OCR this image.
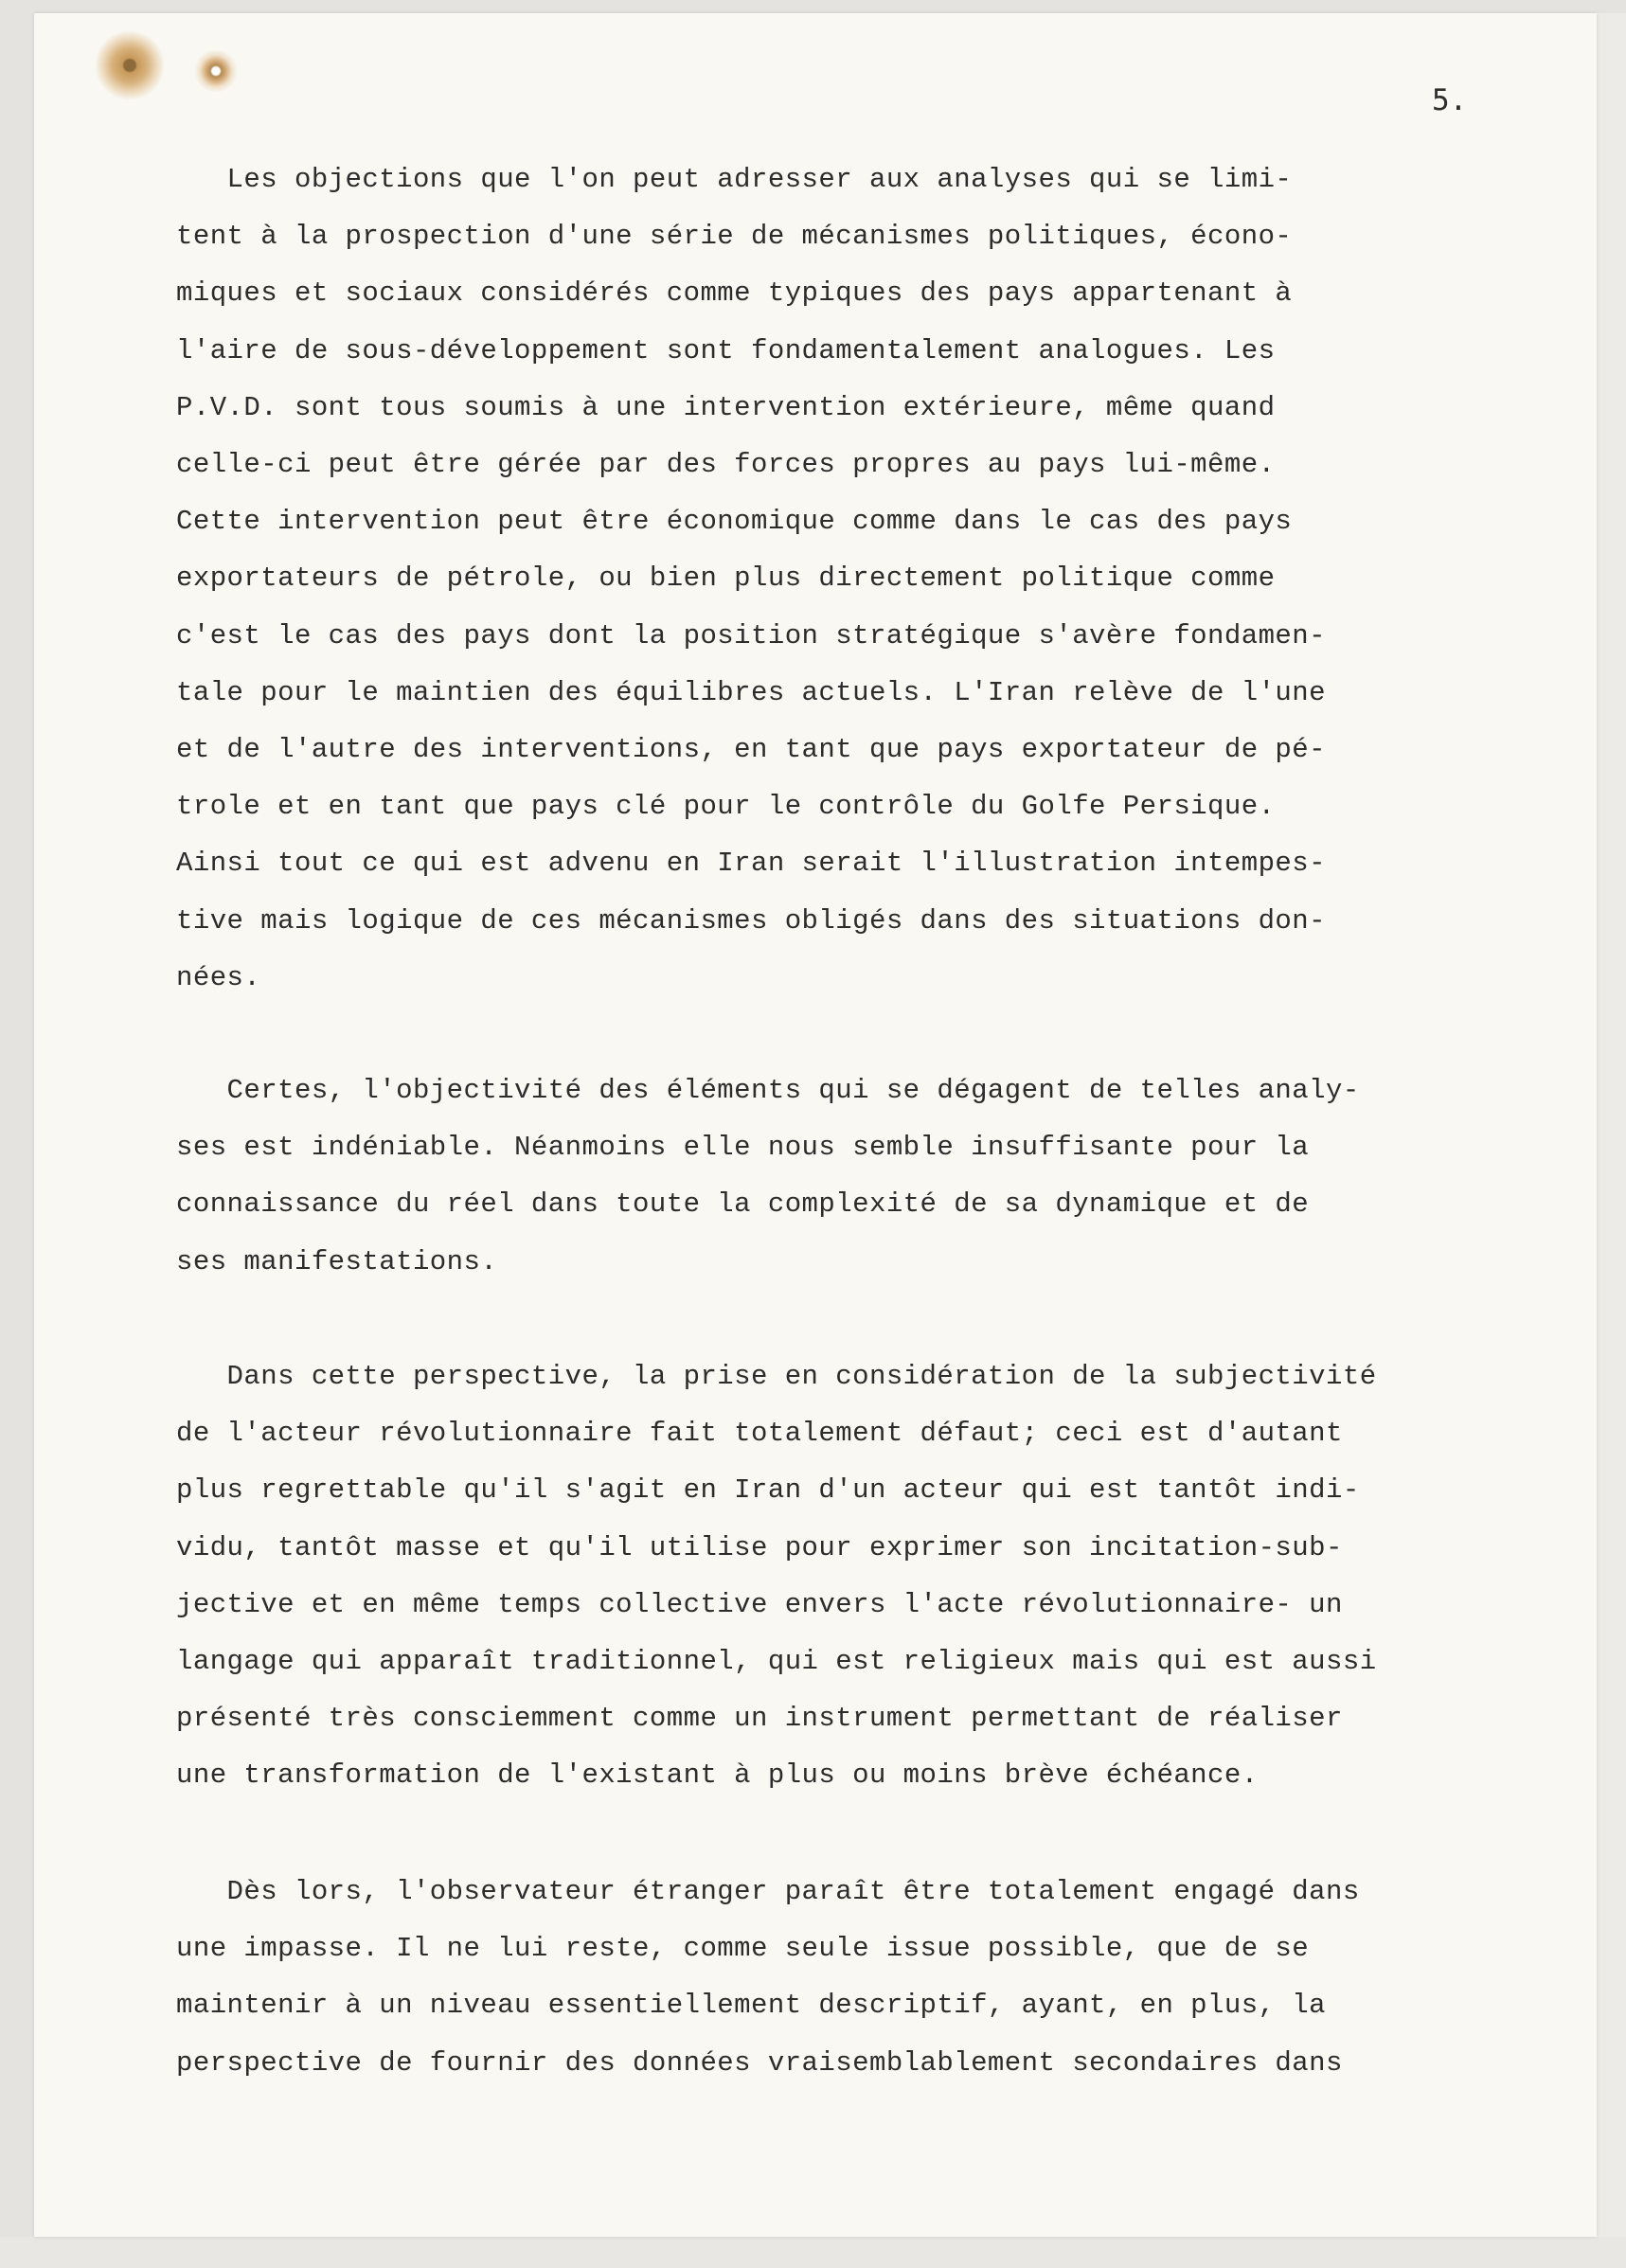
5.

Les objections que l'on peut adresser aux analyses qui se limi-
tent à la prospection d'une série de mécanismes politiques, écono-
miques et sociaux considérés comme typiques des pays appartenant à
l'aire de sous-développement sont fondamentalement analogues. Les
P.V.D. sont tous soumis à une intervention extérieure, même quand
celle-ci peut être gérée par des forces propres au pays lui-même.
Cette intervention peut être économique comme dans le cas des pays
exportateurs de pétrole, ou bien plus directement politique comme
c'est le cas des pays dont la position stratégique s'avère fondamen-
tale pour le maintien des équilibres actuels. L'Iran relève de l'une
et de l'autre des interventions, en tant que pays exportateur de pé-
trole et en tant que pays clé pour le contrôle du Golfe Persique.
Ainsi tout ce qui est advenu en Iran serait l'illustration intempes-
tive mais logique de ces mécanismes obligés dans des situations don-
nées.
Certes, l'objectivité des éléments qui se dégagent de telles analy-
ses est indéniable. Néanmoins elle nous semble insuffisante pour la
connaissance du réel dans toute la complexité de sa dynamique et de
ses manifestations.
Dans cette perspective, la prise en considération de la subjectivité
de l'acteur révolutionnaire fait totalement défaut; ceci est d'autant
plus regrettable qu'il s'agit en Iran d'un acteur qui est tantôt indi-
vidu, tantôt masse et qu'il utilise pour exprimer son incitation-sub-
jective et en même temps collective envers l'acte révolutionnaire- un
langage qui apparaît traditionnel, qui est religieux mais qui est aussi
présenté très consciemment comme un instrument permettant de réaliser
une transformation de l'existant à plus ou moins brève échéance.
Dès lors, l'observateur étranger paraît être totalement engagé dans
une impasse. Il ne lui reste, comme seule issue possible, que de se
maintenir à un niveau essentiellement descriptif, ayant, en plus, la
perspective de fournir des données vraisemblablement secondaires dans
